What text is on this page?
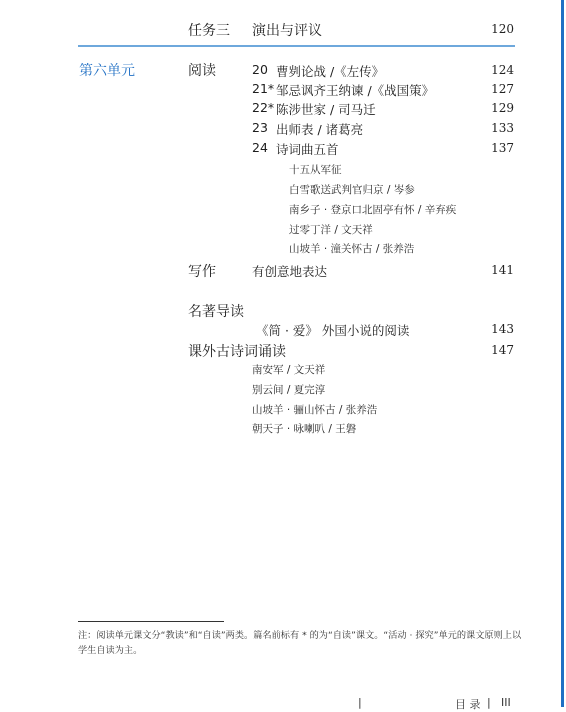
任务三 演出与评议	120
第六单元	阅读	20 曹刿论战 /《左传》	124
21* 邹忌讽齐王纳谏 /《战国策》	127
22* 陈涉世家 / 司马迁	129
23 出师表 / 诸葛亮	133
24 诗词曲五首	137
十五从军征
白雪歌送武判官归京 / 岑参
南乡子 · 登京口北固亭有怀 / 辛弃疾
过零丁洋 / 文天祥
山坡羊 · 潼关怀古 / 张养浩
写作	有创意地表达	141
名著导读
《简 · 爱》 外国小说的阅读	143
课外古诗词诵读	147
南安军 / 文天祥
别云间 / 夏完淳
山坡羊 · 骊山怀古 / 张养浩
朝天子 · 咏喇叭 / 王磐
注：阅读单元课文分“教读”和“自读”两类。篇名前标有 * 的为“自读”课文。“活动 · 探究”单元的课文原则上以学生自读为主。
|	目 录 | III
